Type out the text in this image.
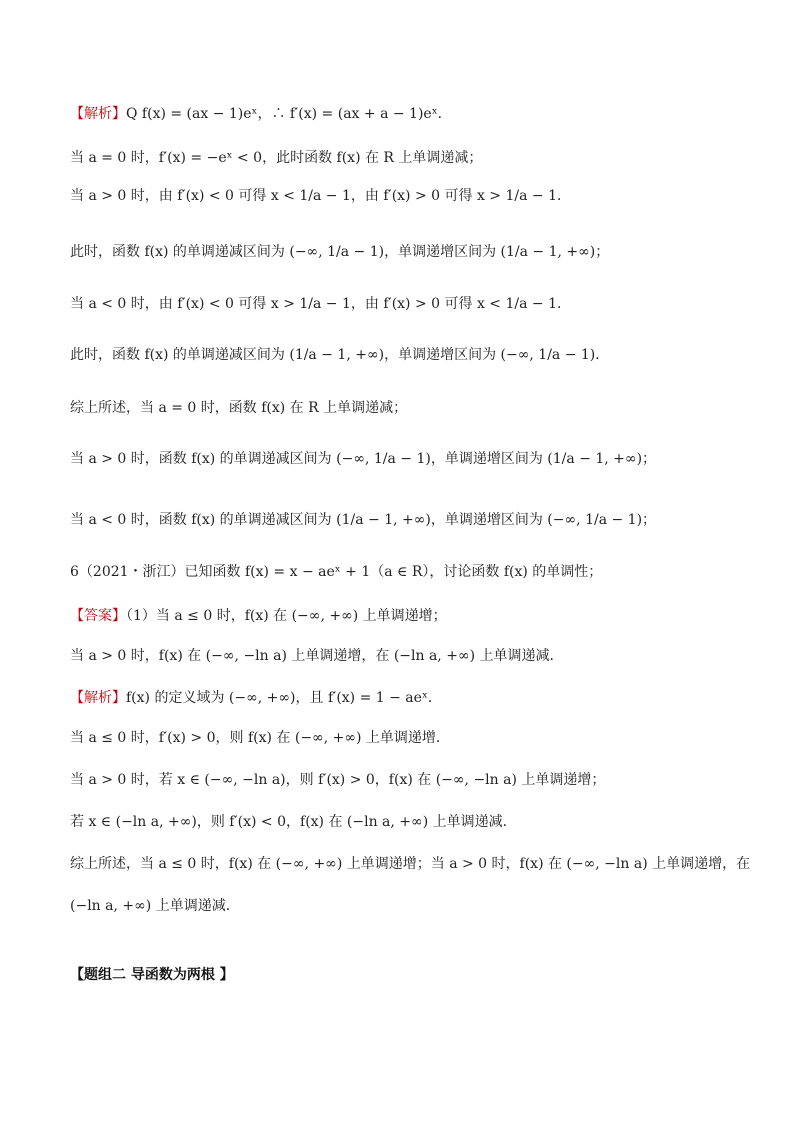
【解析】Q f(x) = (ax − 1)eˣ，∴ f′(x) = (ax + a − 1)eˣ．
当 a = 0 时，f′(x) = −eˣ < 0，此时函数 f(x) 在 R 上单调递减；
当 a > 0 时，由 f′(x) < 0 可得 x < 1/a − 1，由 f′(x) > 0 可得 x > 1/a − 1．
此时，函数 f(x) 的单调递减区间为 (−∞, 1/a − 1)，单调递增区间为 (1/a − 1, +∞)；
当 a < 0 时，由 f′(x) < 0 可得 x > 1/a − 1，由 f′(x) > 0 可得 x < 1/a − 1．
此时，函数 f(x) 的单调递减区间为 (1/a − 1, +∞)，单调递增区间为 (−∞, 1/a − 1)．
综上所述，当 a = 0 时，函数 f(x) 在 R 上单调递减；
当 a > 0 时，函数 f(x) 的单调递减区间为 (−∞, 1/a − 1)，单调递增区间为 (1/a − 1, +∞)；
当 a < 0 时，函数 f(x) 的单调递减区间为 (1/a − 1, +∞)，单调递增区间为 (−∞, 1/a − 1)；
6（2021・浙江）已知函数 f(x) = x − aeˣ + 1（a ∈ R），讨论函数 f(x) 的单调性；
【答案】（1）当 a ≤ 0 时，f(x) 在 (−∞, +∞) 上单调递增；
当 a > 0 时，f(x) 在 (−∞, −ln a) 上单调递增，在 (−ln a, +∞) 上单调递减．
【解析】f(x) 的定义域为 (−∞, +∞)，且 f′(x) = 1 − aeˣ．
当 a ≤ 0 时，f′(x) > 0，则 f(x) 在 (−∞, +∞) 上单调递增．
当 a > 0 时，若 x ∈ (−∞, −ln a)，则 f′(x) > 0，f(x) 在 (−∞, −ln a) 上单调递增；
若 x ∈ (−ln a, +∞)，则 f′(x) < 0，f(x) 在 (−ln a, +∞) 上单调递减．
综上所述，当 a ≤ 0 时，f(x) 在 (−∞, +∞) 上单调递增；当 a > 0 时，f(x) 在 (−∞, −ln a) 上单调递增，在
(−ln a, +∞) 上单调递减．
【题组二 导函数为两根 】
